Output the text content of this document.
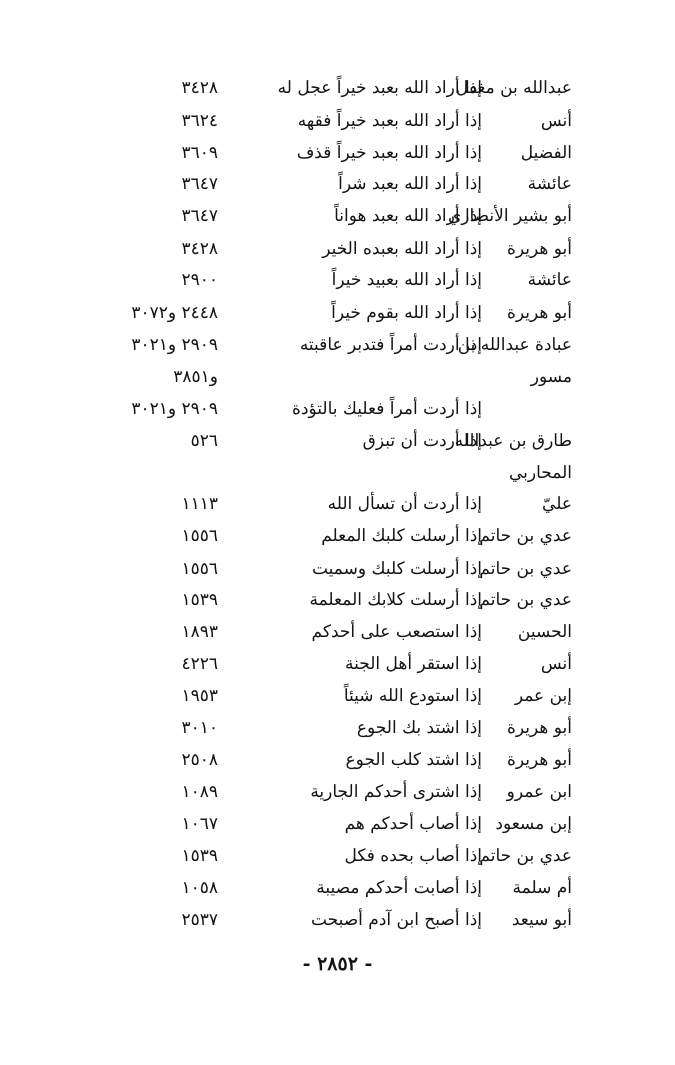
عبدالله بن مغفل
إذا أراد الله بعبد خيراً عجل له
٣٤٢٨
أنس
إذا أراد الله بعبد خيراً فقهه
٣٦٢٤
الفضيل
إذا أراد الله بعبد خيراً قذف
٣٦٠٩
عائشة
إذا أراد الله بعبد شراً
٣٦٤٧
أبو بشير الأنصاري
إذا أراد الله بعبد هواناً
٣٦٤٧
أبو هريرة
إذا أراد الله بعبده الخير
٣٤٢٨
عائشة
إذا أراد الله بعبيد خيراً
٢٩٠٠
أبو هريرة
إذا أراد الله بقوم خيراً
٢٤٤٨ و٣٠٧٢
عبادة عبدالله بن
إذا أردت أمراً فتدبر عاقبته
٢٩٠٩ و٣٠٢١
مسور
و٣٨٥١
إذا أردت أمراً فعليك بالتؤدة
٢٩٠٩ و٣٠٢١
طارق بن عبدالله
إذا أردت أن تبزق
٥٢٦
المحاربي
عليّ
إذا أردت أن تسأل الله
١١١٣
عدي بن حاتم
إذا أرسلت كلبك المعلم
١٥٥٦
عدي بن حاتم
إذا أرسلت كلبك وسميت
١٥٥٦
عدي بن حاتم
إذا أرسلت كلابك المعلمة
١٥٣٩
الحسين
إذا استصعب على أحدكم
١٨٩٣
أنس
إذا استقر أهل الجنة
٤٢٢٦
إبن عمر
إذا استودع الله شيئاً
١٩٥٣
أبو هريرة
إذا اشتد بك الجوع
٣٠١٠
أبو هريرة
إذا اشتد كلب الجوع
٢٥٠٨
ابن عمرو
إذا اشترى أحدكم الجارية
١٠٨٩
إبن مسعود
إذا أصاب أحدكم هم
١٠٦٧
عدي بن حاتم
إذا أصاب بحده فكل
١٥٣٩
أم سلمة
إذا أصابت أحدكم مصيبة
١٠٥٨
أبو سيعد
إذا أصبح ابن آدم أصبحت
٢٥٣٧
- ٢٨٥٢ -
